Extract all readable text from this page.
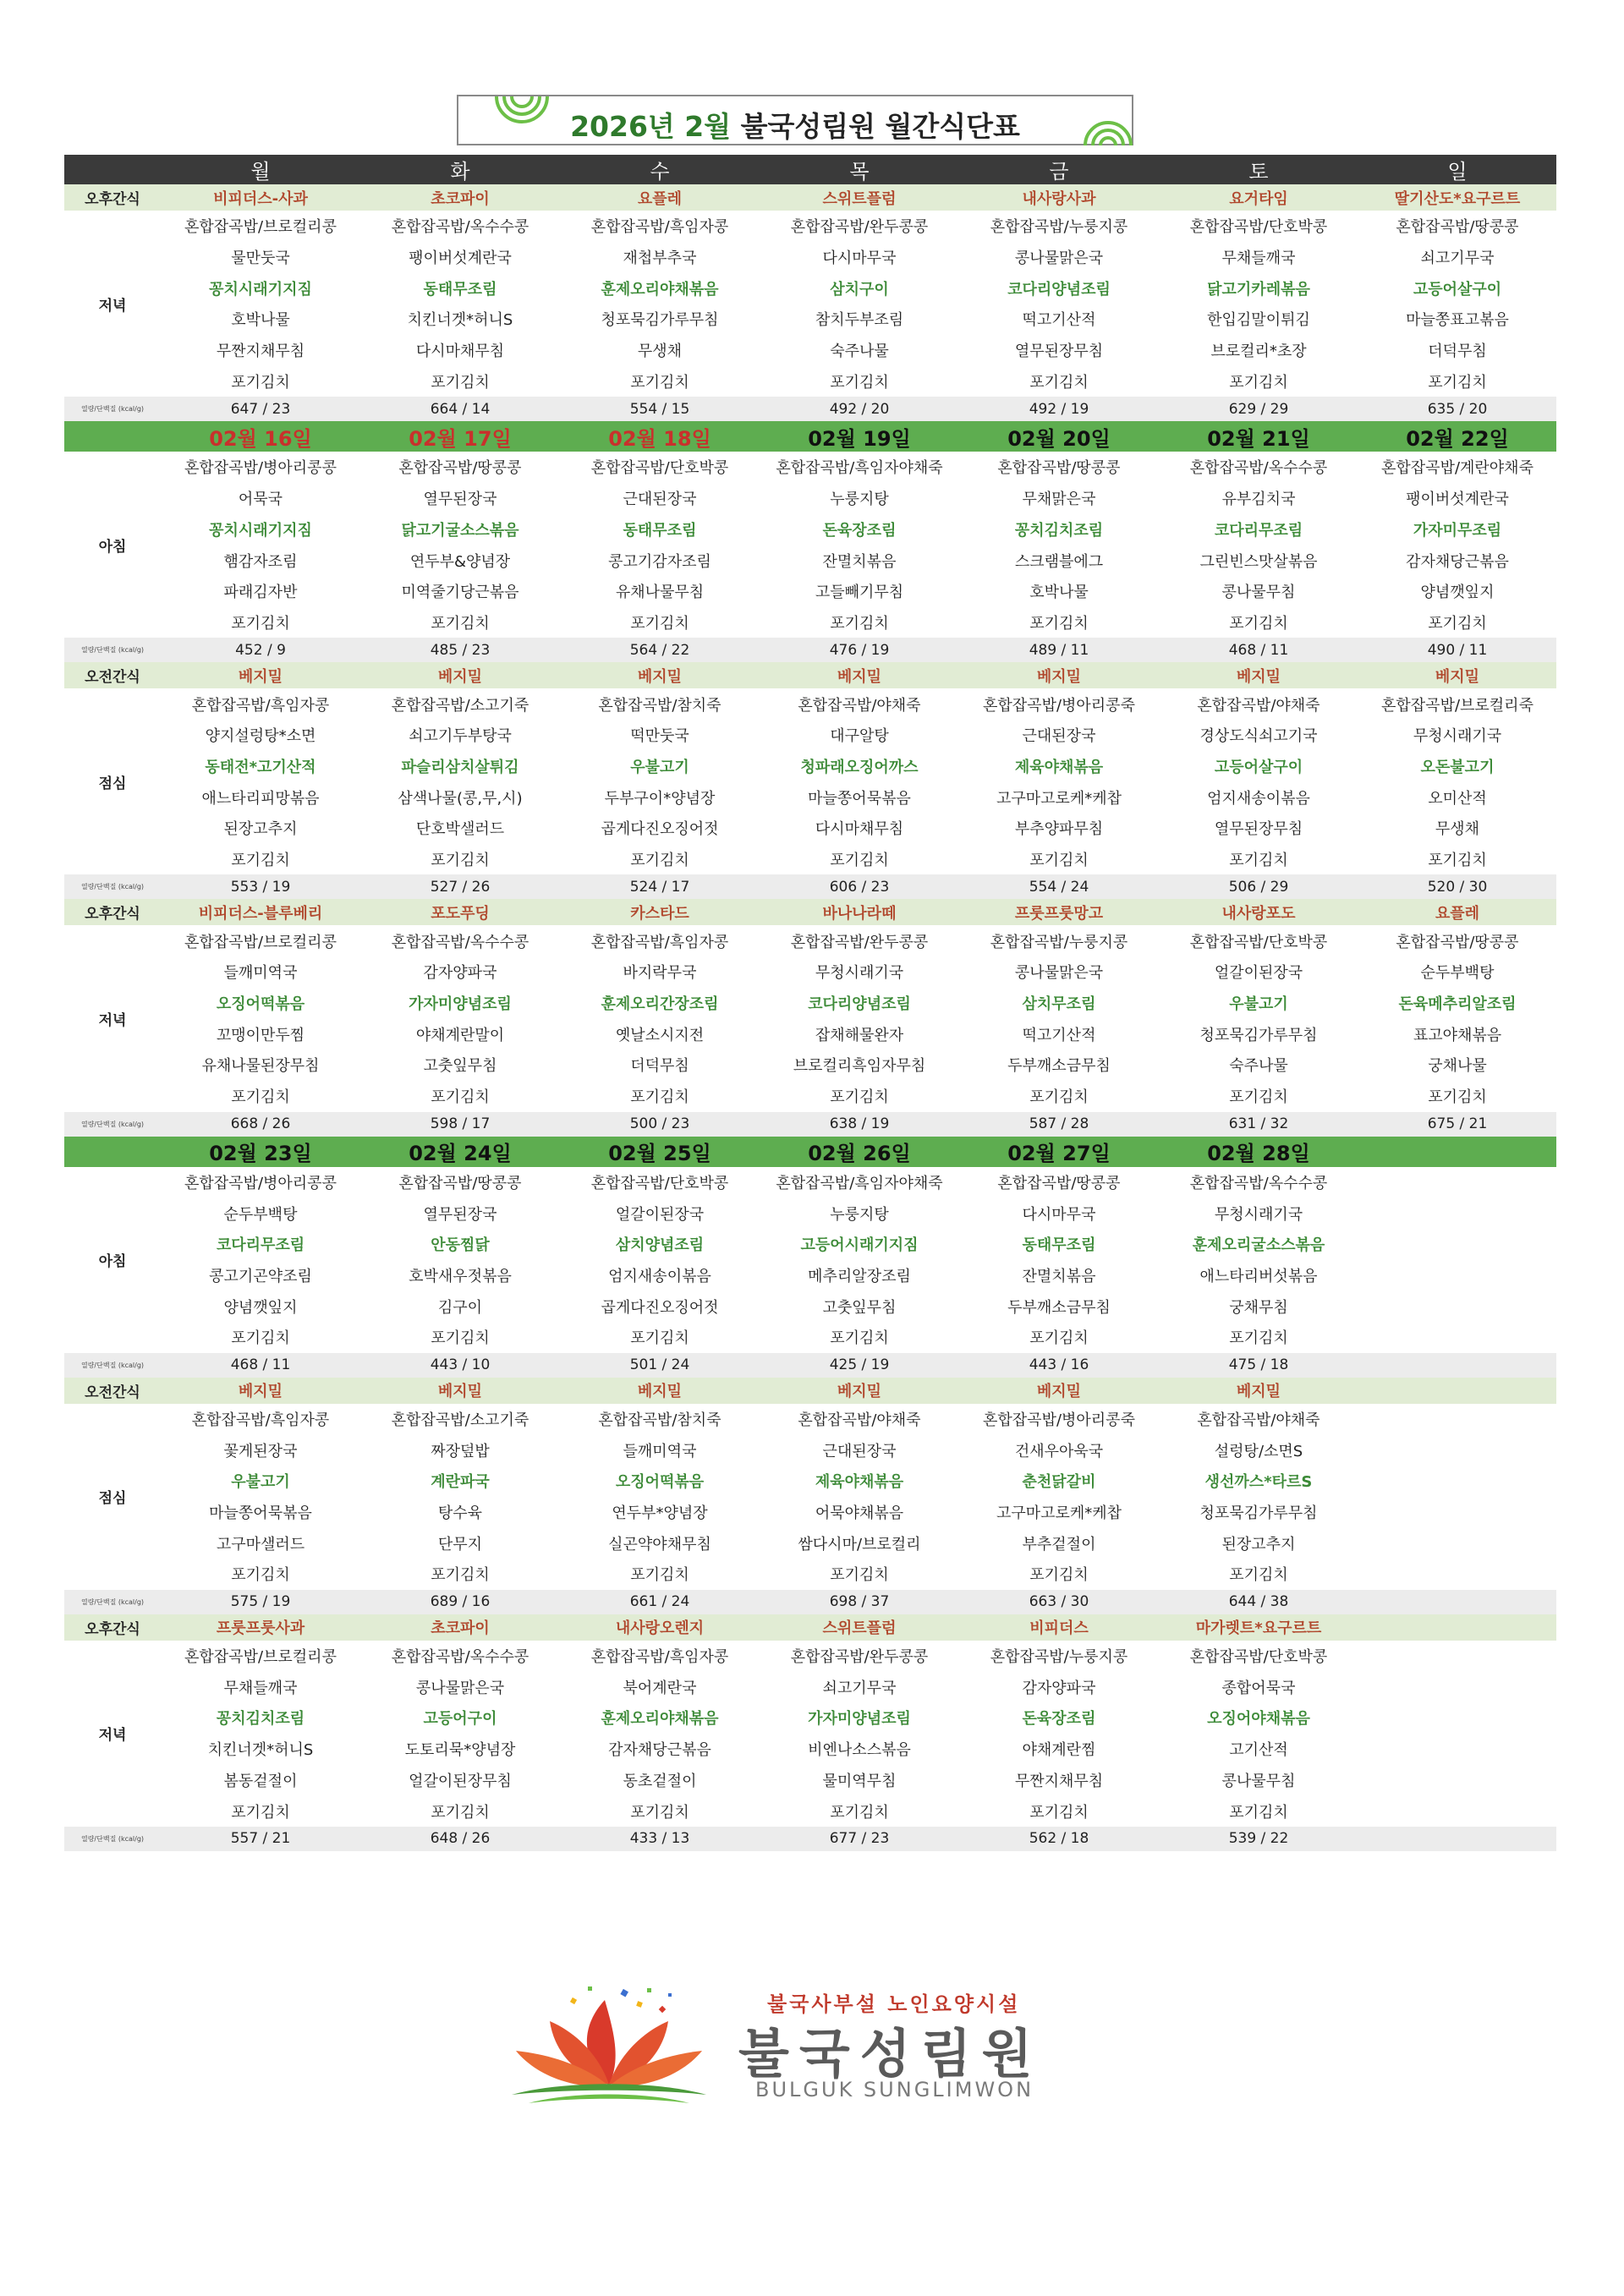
2026년 2월 불국성림원 월간식단표
	월	화	수	목	금	토	일
오후간식	비피더스-사과	초코파이	요플레	스위트플럼	내사랑사과	요거타임	딸기산도*요구르트
저녁	혼합잡곡밥/브로컬리콩	혼합잡곡밥/옥수수콩	혼합잡곡밥/흑임자콩	혼합잡곡밥/완두콩콩	혼합잡곡밥/누룽지콩	혼합잡곡밥/단호박콩	혼합잡곡밥/땅콩콩
	물만둣국	팽이버섯계란국	재첩부추국	다시마무국	콩나물맑은국	무채들깨국	쇠고기무국
	꽁치시래기지짐	동태무조림	훈제오리야채볶음	삼치구이	코다리양념조림	닭고기카레볶음	고등어살구이
	호박나물	치킨너겟*허니S	청포묵김가루무침	참치두부조림	떡고기산적	한입김말이튀김	마늘쫑표고볶음
	무짠지채무침	다시마채무침	무생채	숙주나물	열무된장무침	브로컬리*초장	더덕무침
	포기김치	포기김치	포기김치	포기김치	포기김치	포기김치	포기김치
열량/단백질 (kcal/g)	647 / 23	664 / 14	554 / 15	492 / 20	492 / 19	629 / 29	635 / 20
	02월 16일	02월 17일	02월 18일	02월 19일	02월 20일	02월 21일	02월 22일
아침	혼합잡곡밥/병아리콩콩	혼합잡곡밥/땅콩콩	혼합잡곡밥/단호박콩	혼합잡곡밥/흑임자야채죽	혼합잡곡밥/땅콩콩	혼합잡곡밥/옥수수콩	혼합잡곡밥/계란야채죽
	어묵국	열무된장국	근대된장국	누룽지탕	무채맑은국	유부김치국	팽이버섯계란국
	꽁치시래기지짐	닭고기굴소스볶음	동태무조림	돈육장조림	꽁치김치조림	코다리무조림	가자미무조림
	햄감자조림	연두부&양념장	콩고기감자조림	잔멸치볶음	스크램블에그	그린빈스맛살볶음	감자채당근볶음
	파래김자반	미역줄기당근볶음	유채나물무침	고들빼기무침	호박나물	콩나물무침	양념깻잎지
	포기김치	포기김치	포기김치	포기김치	포기김치	포기김치	포기김치
열량/단백질 (kcal/g)	452 / 9	485 / 23	564 / 22	476 / 19	489 / 11	468 / 11	490 / 11
오전간식	베지밀	베지밀	베지밀	베지밀	베지밀	베지밀	베지밀
점심	혼합잡곡밥/흑임자콩	혼합잡곡밥/소고기죽	혼합잡곡밥/참치죽	혼합잡곡밥/야채죽	혼합잡곡밥/병아리콩죽	혼합잡곡밥/야채죽	혼합잡곡밥/브로컬리죽
	양지설렁탕*소면	쇠고기두부탕국	떡만둣국	대구알탕	근대된장국	경상도식쇠고기국	무청시래기국
	동태전*고기산적	파슬리삼치살튀김	우불고기	청파래오징어까스	제육야채볶음	고등어살구이	오돈불고기
	애느타리피망볶음	삼색나물(콩,무,시)	두부구이*양념장	마늘쫑어묵볶음	고구마고로케*케찹	엄지새송이볶음	오미산적
	된장고추지	단호박샐러드	곱게다진오징어젓	다시마채무침	부추양파무침	열무된장무침	무생채
	포기김치	포기김치	포기김치	포기김치	포기김치	포기김치	포기김치
열량/단백질 (kcal/g)	553 / 19	527 / 26	524 / 17	606 / 23	554 / 24	506 / 29	520 / 30
오후간식	비피더스-블루베리	포도푸딩	카스타드	바나나라떼	프룻프룻망고	내사랑포도	요플레
저녁	혼합잡곡밥/브로컬리콩	혼합잡곡밥/옥수수콩	혼합잡곡밥/흑임자콩	혼합잡곡밥/완두콩콩	혼합잡곡밥/누룽지콩	혼합잡곡밥/단호박콩	혼합잡곡밥/땅콩콩
	들깨미역국	감자양파국	바지락무국	무청시래기국	콩나물맑은국	얼갈이된장국	순두부백탕
	오징어떡볶음	가자미양념조림	훈제오리간장조림	코다리양념조림	삼치무조림	우불고기	돈육메추리알조림
	꼬맹이만두찜	야채계란말이	옛날소시지전	잡채해물완자	떡고기산적	청포묵김가루무침	표고야채볶음
	유채나물된장무침	고춧잎무침	더덕무침	브로컬리흑임자무침	두부깨소금무침	숙주나물	궁채나물
	포기김치	포기김치	포기김치	포기김치	포기김치	포기김치	포기김치
열량/단백질 (kcal/g)	668 / 26	598 / 17	500 / 23	638 / 19	587 / 28	631 / 32	675 / 21
	02월 23일	02월 24일	02월 25일	02월 26일	02월 27일	02월 28일	
아침	혼합잡곡밥/병아리콩콩	혼합잡곡밥/땅콩콩	혼합잡곡밥/단호박콩	혼합잡곡밥/흑임자야채죽	혼합잡곡밥/땅콩콩	혼합잡곡밥/옥수수콩	
	순두부백탕	열무된장국	얼갈이된장국	누룽지탕	다시마무국	무청시래기국	
	코다리무조림	안동찜닭	삼치양념조림	고등어시래기지짐	동태무조림	훈제오리굴소스볶음	
	콩고기곤약조림	호박새우젓볶음	엄지새송이볶음	메추리알장조림	잔멸치볶음	애느타리버섯볶음	
	양념깻잎지	김구이	곱게다진오징어젓	고춧잎무침	두부깨소금무침	궁채무침	
	포기김치	포기김치	포기김치	포기김치	포기김치	포기김치	
열량/단백질 (kcal/g)	468 / 11	443 / 10	501 / 24	425 / 19	443 / 16	475 / 18	
오전간식	베지밀	베지밀	베지밀	베지밀	베지밀	베지밀	
점심	혼합잡곡밥/흑임자콩	혼합잡곡밥/소고기죽	혼합잡곡밥/참치죽	혼합잡곡밥/야채죽	혼합잡곡밥/병아리콩죽	혼합잡곡밥/야채죽	
	꽃게된장국	짜장덮밥	들깨미역국	근대된장국	건새우아욱국	설렁탕/소면S	
	우불고기	계란파국	오징어떡볶음	제육야채볶음	춘천닭갈비	생선까스*타르S	
	마늘쫑어묵볶음	탕수육	연두부*양념장	어묵야채볶음	고구마고로케*케찹	청포묵김가루무침	
	고구마샐러드	단무지	실곤약야채무침	쌈다시마/브로컬리	부추겉절이	된장고추지	
	포기김치	포기김치	포기김치	포기김치	포기김치	포기김치	
열량/단백질 (kcal/g)	575 / 19	689 / 16	661 / 24	698 / 37	663 / 30	644 / 38	
오후간식	프룻프룻사과	초코파이	내사랑오렌지	스위트플럼	비피더스	마가렛트*요구르트	
저녁	혼합잡곡밥/브로컬리콩	혼합잡곡밥/옥수수콩	혼합잡곡밥/흑임자콩	혼합잡곡밥/완두콩콩	혼합잡곡밥/누룽지콩	혼합잡곡밥/단호박콩	
	무채들깨국	콩나물맑은국	북어계란국	쇠고기무국	감자양파국	종합어묵국	
	꽁치김치조림	고등어구이	훈제오리야채볶음	가자미양념조림	돈육장조림	오징어야채볶음	
	치킨너겟*허니S	도토리묵*양념장	감자채당근볶음	비엔나소스볶음	야채계란찜	고기산적	
	봄동겉절이	얼갈이된장무침	동초겉절이	물미역무침	무짠지채무침	콩나물무침	
	포기김치	포기김치	포기김치	포기김치	포기김치	포기김치	
열량/단백질 (kcal/g)	557 / 21	648 / 26	433 / 13	677 / 23	562 / 18	539 / 22	
불국사부설 노인요양시설
불국성림원
BULGUK SUNGLIMWON
